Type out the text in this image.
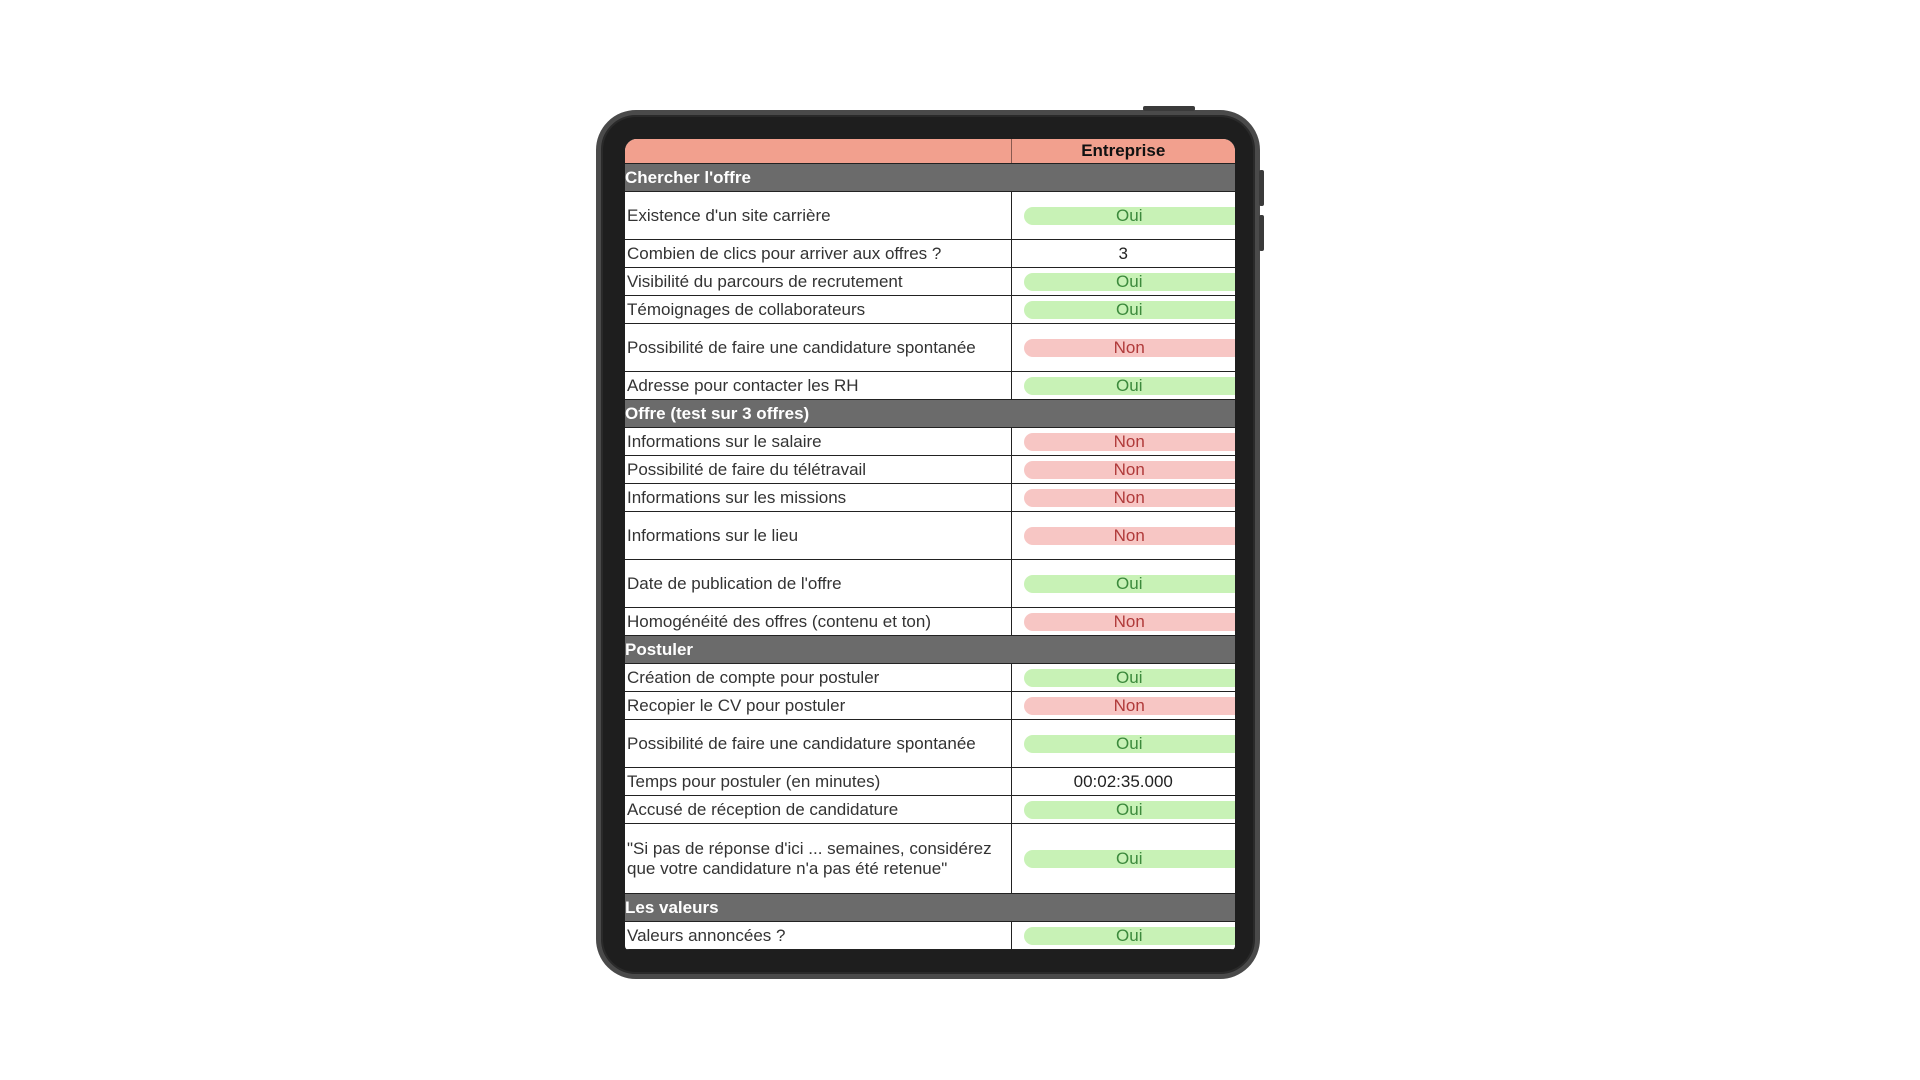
	Entreprise
Chercher l'offre	
Existence d'un site carrière	Oui

Combien de clics pour arriver aux offres ?	3

Visibilité du parcours de recrutement	Oui

Témoignages de collaborateurs	Oui

Possibilité de faire une candidature spontanée	Non

Adresse pour contacter les RH	Oui

Offre (test sur 3 offres)	
Informations sur le salaire	Non

Possibilité de faire du télétravail	Non

Informations sur les missions	Non

Informations sur le lieu	Non

Date de publication de l'offre	Oui

Homogénéité des offres (contenu et ton)	Non

Postuler	
Création de compte pour postuler	Oui

Recopier le CV pour postuler	Non

Possibilité de faire une candidature spontanée	Oui

Temps pour postuler (en minutes)	00:02:35.000

Accusé de réception de candidature	Oui

"Si pas de réponse d'ici ... semaines, considérez que votre candidature n'a pas été retenue"	Oui

Les valeurs	
Valeurs annoncées ?	Oui
